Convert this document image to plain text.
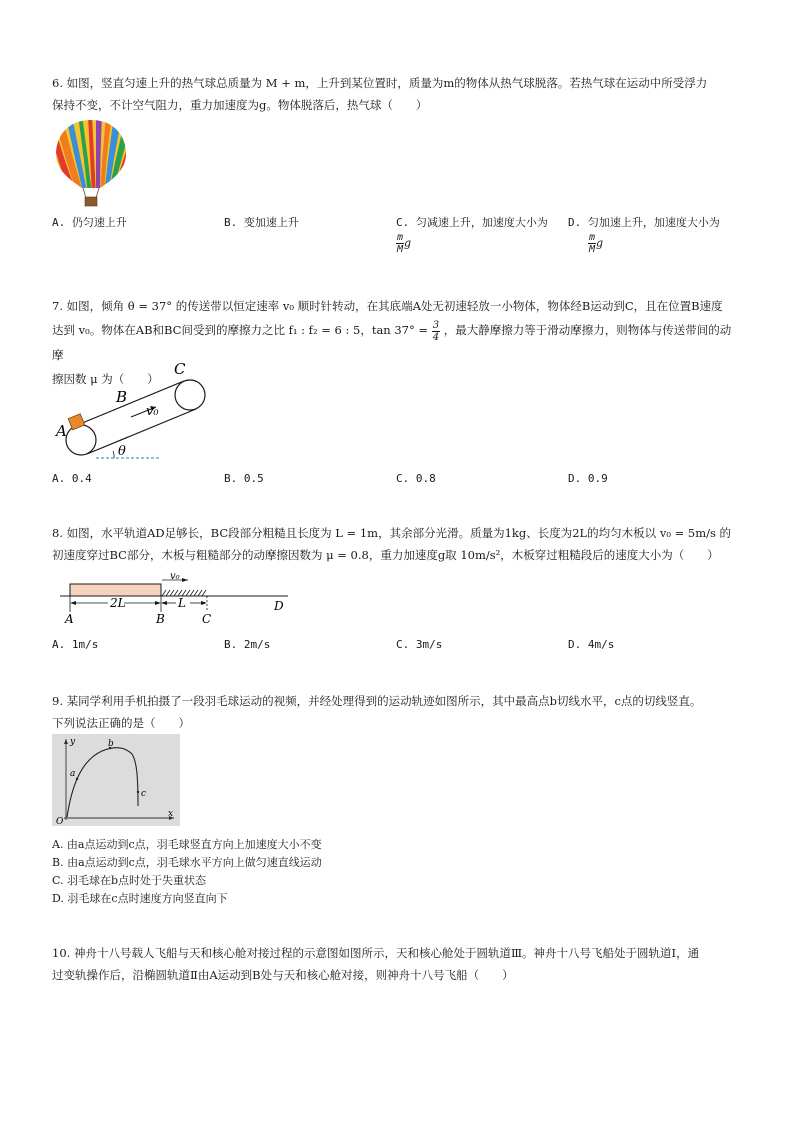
6. 如图，竖直匀速上升的热气球总质量为 M + m，上升到某位置时，质量为m的物体从热气球脱落。若热气球在运动中所受浮力

保持不变，不计空气阻力，重力加速度为g。物体脱落后，热气球（　　）

A. 仍匀速上升	B. 变加速上升	C. 匀减速上升，加速度大小为
$\frac{m}{M}$ g
D. 匀加速上升，加速度大小为
$\frac{m}{M}$ g

7. 如图，倾角 θ = 37° 的传送带以恒定速率 v₀ 顺时针转动，在其底端A处无初速轻放一小物体，物体经B运动到C，且在位置B速度

达到 v₀。物体在AB和BC间受到的摩擦力之比 f₁ : f₂ = 6 : 5，$\tan 37^\circ = \frac{3}{4}$ ，最大静摩擦力等于滑动摩擦力，则物体与传送带间的动摩

擦因数 μ 为（　　）

A
B
C
v₀
θ
A. 0.4	B. 0.5	C. 0.8	D. 0.9

8. 如图，水平轨道AD足够长，BC段部分粗糙且长度为 L = 1m，其余部分光滑。质量为1kg、长度为2L的均匀木板以 v₀ = 5m/s 的

初速度穿过BC部分，木板与粗糙部分的动摩擦因数为 μ = 0.8，重力加速度g取 10m/s²，木板穿过粗糙段后的速度大小为（　　）

v₀
2L	L
A	B	C
D
A. 1m/s	B. 2m/s	C. 3m/s	D. 4m/s

9. 某同学利用手机拍摄了一段羽毛球运动的视频，并经处理得到的运动轨迹如图所示，其中最高点b切线水平，c点的切线竖直。

下列说法正确的是（　　）

y
x
O
a
b
c
A. 由a点运动到c点，羽毛球竖直方向上加速度大小不变
B. 由a点运动到c点，羽毛球水平方向上做匀速直线运动
C. 羽毛球在b点时处于失重状态
D. 羽毛球在c点时速度方向竖直向下

10. 神舟十八号载人飞船与天和核心舱对接过程的示意图如图所示，天和核心舱处于圆轨道Ⅲ。神舟十八号飞船处于圆轨道Ⅰ，通

过变轨操作后，沿椭圆轨道Ⅱ由A运动到B处与天和核心舱对接，则神舟十八号飞船（　　）
